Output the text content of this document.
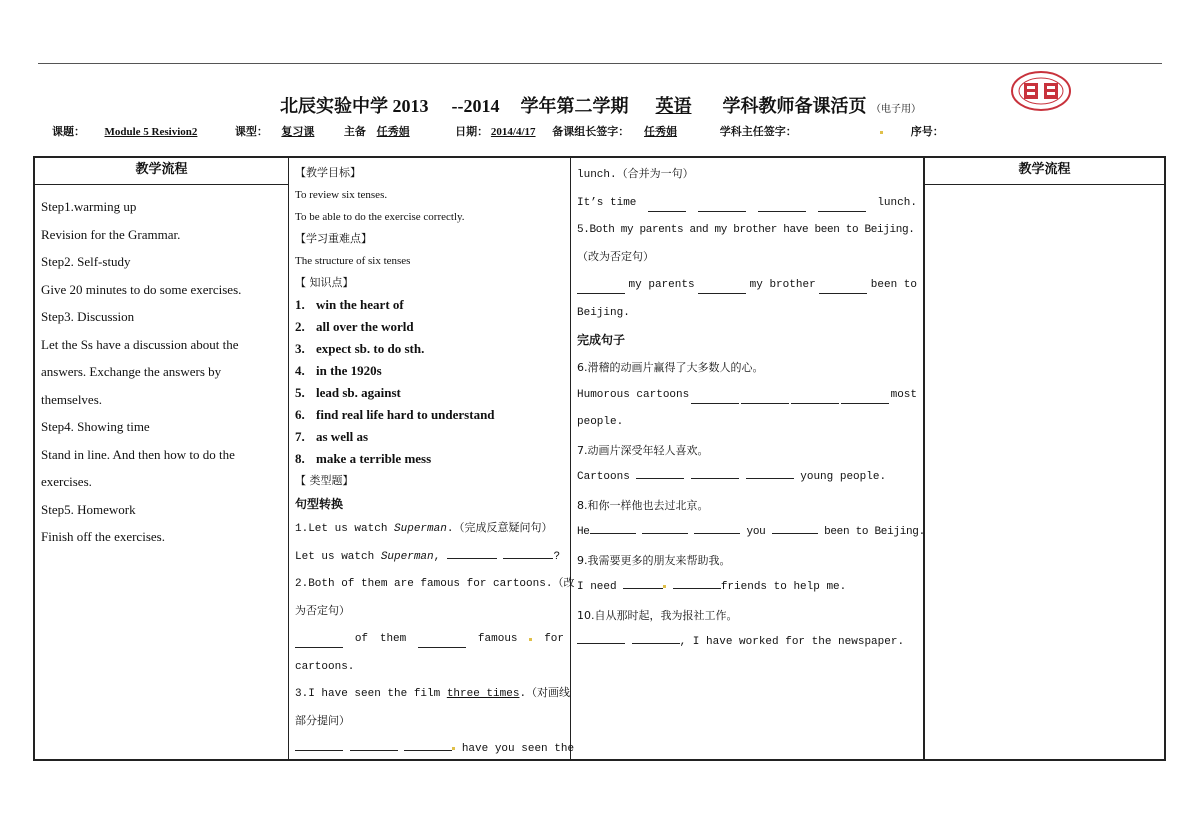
北辰实验中学 2013 --2014 学年第二学期 英语 学科教师备课活页 （电子用）
课题： Module 5 Resivion2	课型： 复习课	主备 任秀娟	日期： 2014/4/17 备课组长签字： 任秀娟	学科主任签字：	序号：
教学流程
Step1.warming up
Revision for the Grammar.
Step2. Self-study
Give 20 minutes to do some exercises.
Step3. Discussion
Let the Ss have a discussion about the
answers. Exchange the answers by
themselves.
Step4. Showing time
Stand in line. And then how to do the
exercises.
Step5. Homework
Finish off the exercises.
【教学目标】
To review six tenses.
To be able to do the exercise correctly.
【学习重难点】
The structure of six tenses
【 知识点】
1. win the heart of
2. all over the world
3. expect sb. to do sth.
4. in the 1920s
5. lead sb. against
6. find real life hard to understand
7. as well as
8. make a terrible mess
【 类型题】
句型转换
1.Let us watch Superman.（完成反意疑问句）
Let us watch Superman,	?
2.Both of them are famous for cartoons.（改
为否定句）
of them	famous for
cartoons.
3.I have seen the film three times.（对画线
部分提问）
have you seen the
lunch.（合并为一句）
It’s time	lunch.
5.Both my parents and my brother have been to Beijing.
（改为否定句）
my parents	my brother	been to
Beijing.
完成句子
6.滑稽的动画片赢得了大多数人的心。
Humorous cartoons	most
people.
7.动画片深受年轻人喜欢。
Cartoons	young people.
8.和你一样他也去过北京。
He	you	been to Beijing.
9.我需要更多的朋友来帮助我。
I need	friends to help me.
10.自从那时起，我为报社工作。
, I have worked for the newspaper.
教学流程
